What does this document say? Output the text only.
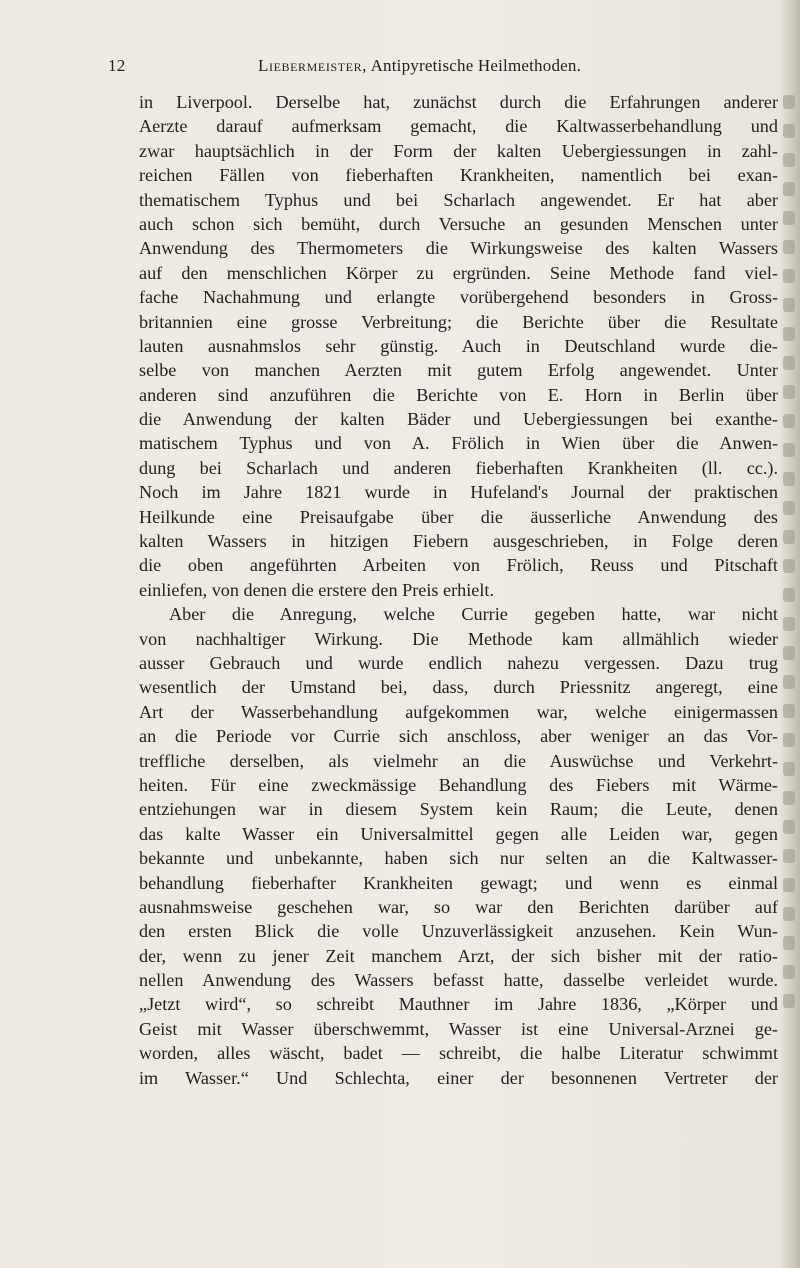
12	Liebermeister, Antipyretische Heilmethoden.
in Liverpool. Derselbe hat, zunächst durch die Erfahrungen anderer
Aerzte darauf aufmerksam gemacht, die Kaltwasserbehandlung und
zwar hauptsächlich in der Form der kalten Uebergiessungen in zahl-
reichen Fällen von fieberhaften Krankheiten, namentlich bei exan-
thematischem Typhus und bei Scharlach angewendet. Er hat aber
auch schon sich bemüht, durch Versuche an gesunden Menschen unter
Anwendung des Thermometers die Wirkungsweise des kalten Wassers
auf den menschlichen Körper zu ergründen. Seine Methode fand viel-
fache Nachahmung und erlangte vorübergehend besonders in Gross-
britannien eine grosse Verbreitung; die Berichte über die Resultate
lauten ausnahmslos sehr günstig. Auch in Deutschland wurde die-
selbe von manchen Aerzten mit gutem Erfolg angewendet. Unter
anderen sind anzuführen die Berichte von E. Horn in Berlin über
die Anwendung der kalten Bäder und Uebergiessungen bei exanthe-
matischem Typhus und von A. Frölich in Wien über die Anwen-
dung bei Scharlach und anderen fieberhaften Krankheiten (ll. cc.).
Noch im Jahre 1821 wurde in Hufeland's Journal der praktischen
Heilkunde eine Preisaufgabe über die äusserliche Anwendung des
kalten Wassers in hitzigen Fiebern ausgeschrieben, in Folge deren
die oben angeführten Arbeiten von Frölich, Reuss und Pitschaft
einliefen, von denen die erstere den Preis erhielt.
Aber die Anregung, welche Currie gegeben hatte, war nicht
von nachhaltiger Wirkung. Die Methode kam allmählich wieder
ausser Gebrauch und wurde endlich nahezu vergessen. Dazu trug
wesentlich der Umstand bei, dass, durch Priessnitz angeregt, eine
Art der Wasserbehandlung aufgekommen war, welche einigermassen
an die Periode vor Currie sich anschloss, aber weniger an das Vor-
treffliche derselben, als vielmehr an die Auswüchse und Verkehrt-
heiten. Für eine zweckmässige Behandlung des Fiebers mit Wärme-
entziehungen war in diesem System kein Raum; die Leute, denen
das kalte Wasser ein Universalmittel gegen alle Leiden war, gegen
bekannte und unbekannte, haben sich nur selten an die Kaltwasser-
behandlung fieberhafter Krankheiten gewagt; und wenn es einmal
ausnahmsweise geschehen war, so war den Berichten darüber auf
den ersten Blick die volle Unzuverlässigkeit anzusehen. Kein Wun-
der, wenn zu jener Zeit manchem Arzt, der sich bisher mit der ratio-
nellen Anwendung des Wassers befasst hatte, dasselbe verleidet wurde.
„Jetzt wird“, so schreibt Mauthner im Jahre 1836, „Körper und
Geist mit Wasser überschwemmt, Wasser ist eine Universal-Arznei ge-
worden, alles wäscht, badet — schreibt, die halbe Literatur schwimmt
im Wasser.“ Und Schlechta, einer der besonnenen Vertreter der
